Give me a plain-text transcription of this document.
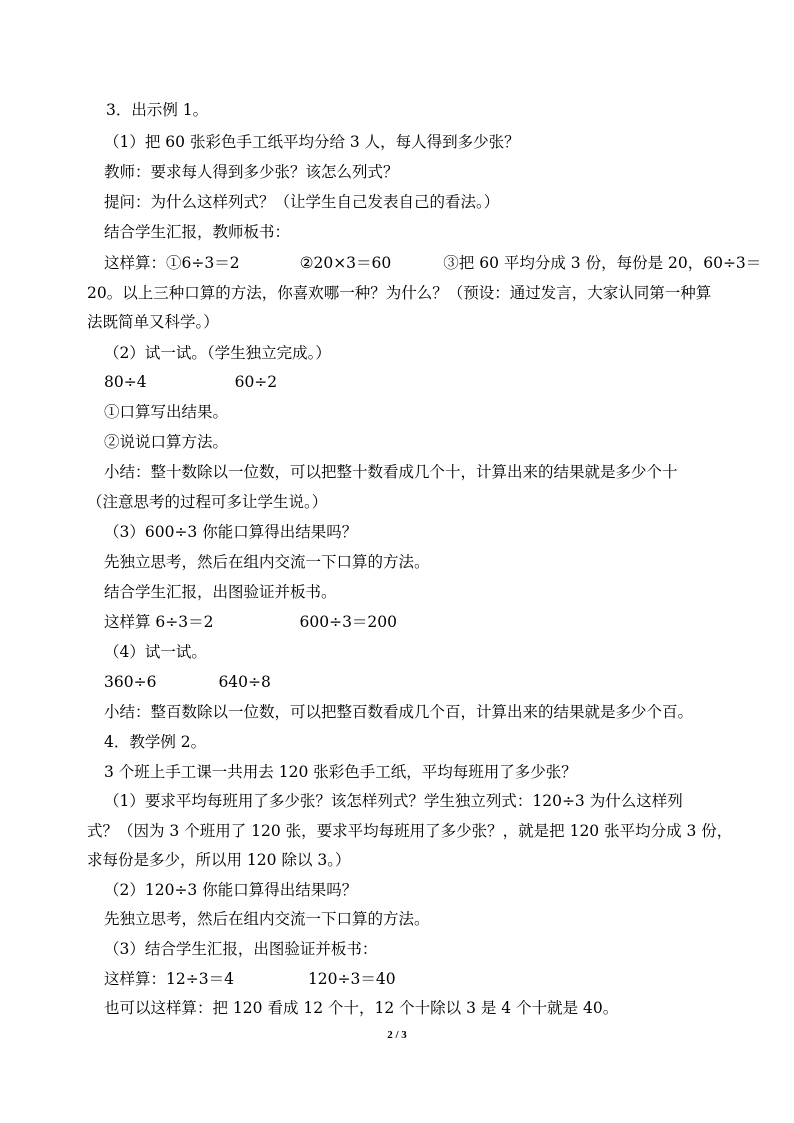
3．出示例 1。
（1）把 60 张彩色手工纸平均分给 3 人，每人得到多少张？
教师：要求每人得到多少张？该怎么列式？
提问：为什么这样列式？（让学生自己发表自己的看法。）
结合学生汇报，教师板书：
这样算：①6÷3＝2	②20×3＝60	③把 60 平均分成 3 份，每份是 20，60÷3＝
20。以上三种口算的方法，你喜欢哪一种？为什么？（预设：通过发言，大家认同第一种算
法既简单又科学。）
（2）试一试。（学生独立完成。）
80÷4	60÷2
①口算写出结果。
②说说口算方法。
小结：整十数除以一位数，可以把整十数看成几个十，计算出来的结果就是多少个十
（注意思考的过程可多让学生说。）
（3）600÷3 你能口算得出结果吗？
先独立思考，然后在组内交流一下口算的方法。
结合学生汇报，出图验证并板书。
这样算 6÷3＝2	600÷3＝200
（4）试一试。
360÷6	640÷8
小结：整百数除以一位数，可以把整百数看成几个百，计算出来的结果就是多少个百。
4．教学例 2。
3 个班上手工课一共用去 120 张彩色手工纸，平均每班用了多少张？
（1）要求平均每班用了多少张？该怎样列式？学生独立列式：120÷3 为什么这样列
式？（因为 3 个班用了 120 张，要求平均每班用了多少张？，就是把 120 张平均分成 3 份，
求每份是多少，所以用 120 除以 3。）
（2）120÷3 你能口算得出结果吗？
先独立思考，然后在组内交流一下口算的方法。
（3）结合学生汇报，出图验证并板书：
这样算：12÷3＝4	120÷3＝40
也可以这样算：把 120 看成 12 个十，12 个十除以 3 是 4 个十就是 40。
2 / 3
